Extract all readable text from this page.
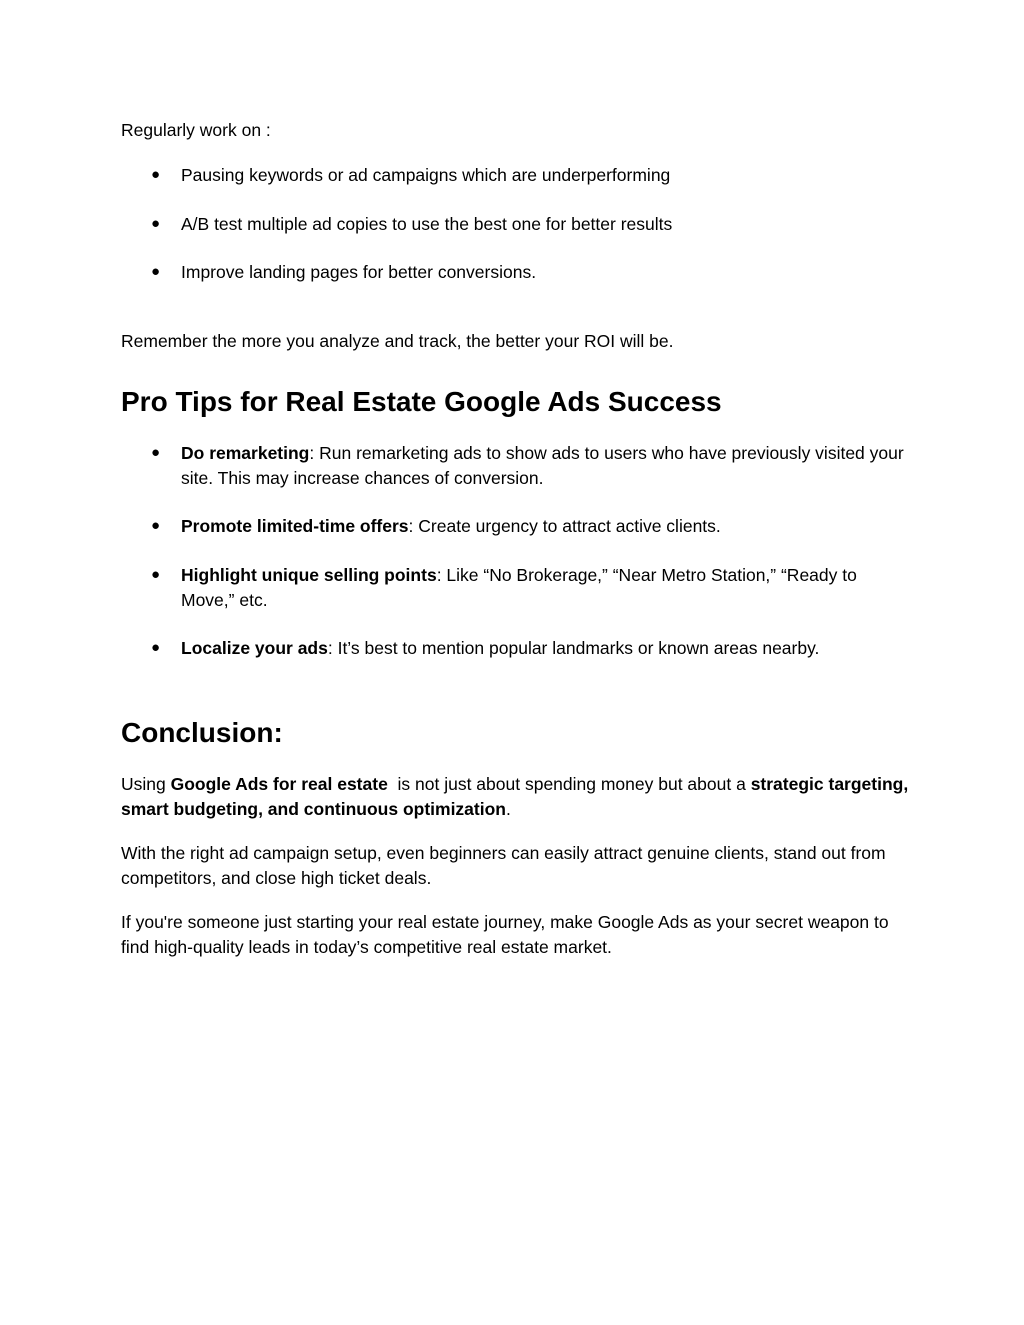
Regularly work on :

● Pausing keywords or ad campaigns which are underperforming
● A/B test multiple ad copies to use the best one for better results
● Improve landing pages for better conversions.

Remember the more you analyze and track, the better your ROI will be.

Pro Tips for Real Estate Google Ads Success
● Do remarketing: Run remarketing ads to show ads to users who have previously visited your site. This may increase chances of conversion.
● Promote limited-time offers: Create urgency to attract active clients.
● Highlight unique selling points: Like “No Brokerage,” “Near Metro Station,” “Ready to Move,” etc.
● Localize your ads: It’s best to mention popular landmarks or known areas nearby.
Conclusion:

Using Google Ads for real estate  is not just about spending money but about a strategic targeting, smart budgeting, and continuous optimization.

With the right ad campaign setup, even beginners can easily attract genuine clients, stand out from competitors, and close high ticket deals.

If you're someone just starting your real estate journey, make Google Ads as your secret weapon to find high-quality leads in today’s competitive real estate market.
